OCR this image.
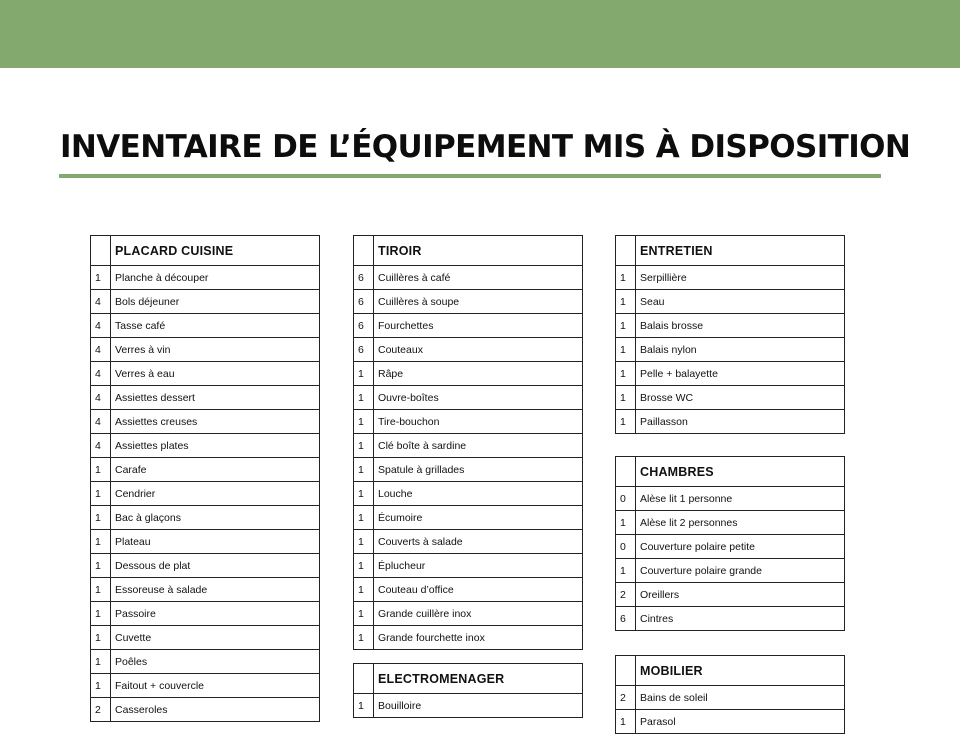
INVENTAIRE DE L’ÉQUIPEMENT MIS À DISPOSITION
	PLACARD CUISINE
1	Planche à découper
4	Bols déjeuner
4	Tasse café
4	Verres à vin
4	Verres à eau
4	Assiettes dessert
4	Assiettes creuses
4	Assiettes plates
1	Carafe
1	Cendrier
1	Bac à glaçons
1	Plateau
1	Dessous de plat
1	Essoreuse à salade
1	Passoire
1	Cuvette
1	Poêles
1	Faitout + couvercle
2	Casseroles
	TIROIR
6	Cuillères à café
6	Cuillères à soupe
6	Fourchettes
6	Couteaux
1	Râpe
1	Ouvre-boîtes
1	Tire-bouchon
1	Clé boîte à sardine
1	Spatule à grillades
1	Louche
1	Écumoire
1	Couverts à salade
1	Éplucheur
1	Couteau d’office
1	Grande cuillère inox
1	Grande fourchette inox
	ELECTROMENAGER
1	Bouilloire
	ENTRETIEN
1	Serpillière
1	Seau
1	Balais brosse
1	Balais nylon
1	Pelle + balayette
1	Brosse WC
1	Paillasson
	CHAMBRES
0	Alèse lit 1 personne
1	Alèse lit 2 personnes
0	Couverture polaire petite
1	Couverture polaire grande
2	Oreillers
6	Cintres
	MOBILIER
2	Bains de soleil
1	Parasol
